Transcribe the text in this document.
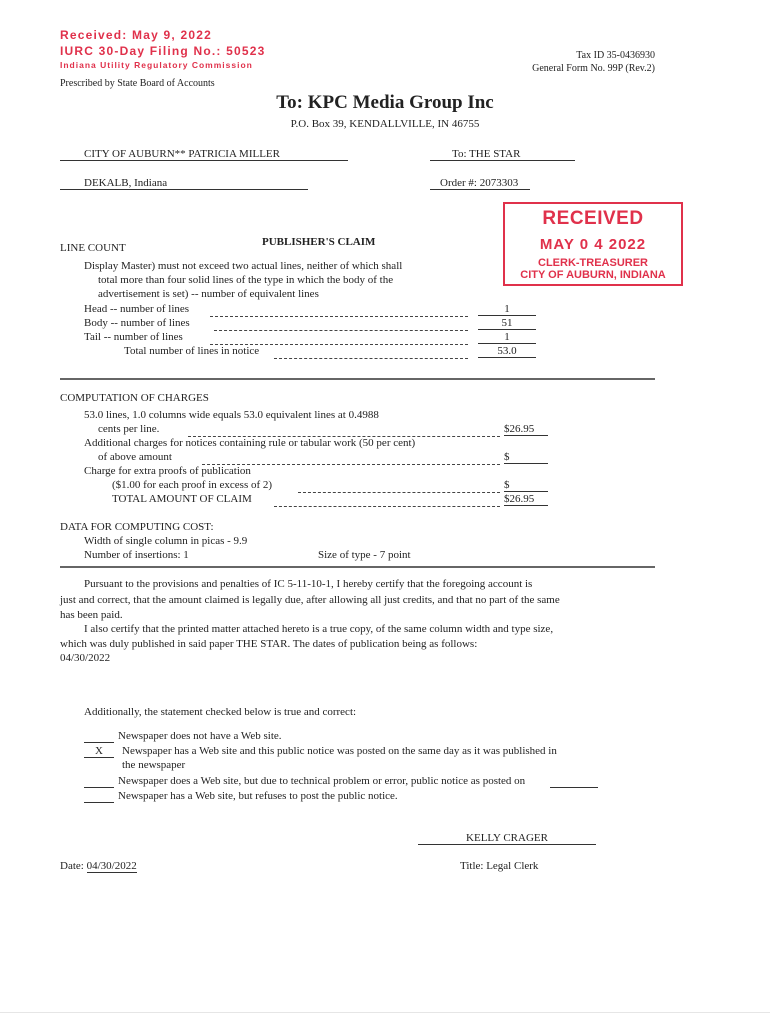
Received: May 9, 2022
IURC 30-Day Filing No.: 50523
Indiana Utility Regulatory Commission
Tax ID 35-0436930
General Form No. 99P (Rev.2)
Prescribed by State Board of Accounts
To: KPC Media Group Inc
P.O. Box 39, KENDALLVILLE, IN 46755
CITY OF AUBURN** PATRICIA MILLER	To: THE STAR
DEKALB, Indiana	Order #: 2073303
RECEIVED
MAY 0 4 2022
CLERK-TREASURER
CITY OF AUBURN, INDIANA
PUBLISHER'S CLAIM
LINE COUNT
Display Master) must not exceed two actual lines, neither of which shall
total more than four solid lines of the type in which the body of the
advertisement is set) -- number of equivalent lines
Head -- number of lines	1
Body -- number of lines	51
Tail -- number of lines	1
Total number of lines in notice	53.0
COMPUTATION OF CHARGES
53.0 lines, 1.0 columns wide equals 53.0 equivalent lines at 0.4988
cents per line.	$26.95
Additional charges for notices containing rule or tabular work (50 per cent)
of above amount	$
Charge for extra proofs of publication
($1.00 for each proof in excess of 2)	$
TOTAL AMOUNT OF CLAIM	$26.95
DATA FOR COMPUTING COST:
Width of single column in picas - 9.9
Number of insertions: 1	Size of type - 7 point
Pursuant to the provisions and penalties of IC 5-11-10-1, I hereby certify that the foregoing account is
just and correct, that the amount claimed is legally due, after allowing all just credits, and that no part of the same
has been paid.
I also certify that the printed matter attached hereto is a true copy, of the same column width and type size,
which was duly published in said paper THE STAR. The dates of publication being as follows:
04/30/2022
Additionally, the statement checked below is true and correct:
Newspaper does not have a Web site.
X	Newspaper has a Web site and this public notice was posted on the same day as it was published in
the newspaper
Newspaper does a Web site, but due to technical problem or error, public notice as posted on
Newspaper has a Web site, but refuses to post the public notice.
KELLY CRAGER
Date: 04/30/2022	Title: Legal Clerk
